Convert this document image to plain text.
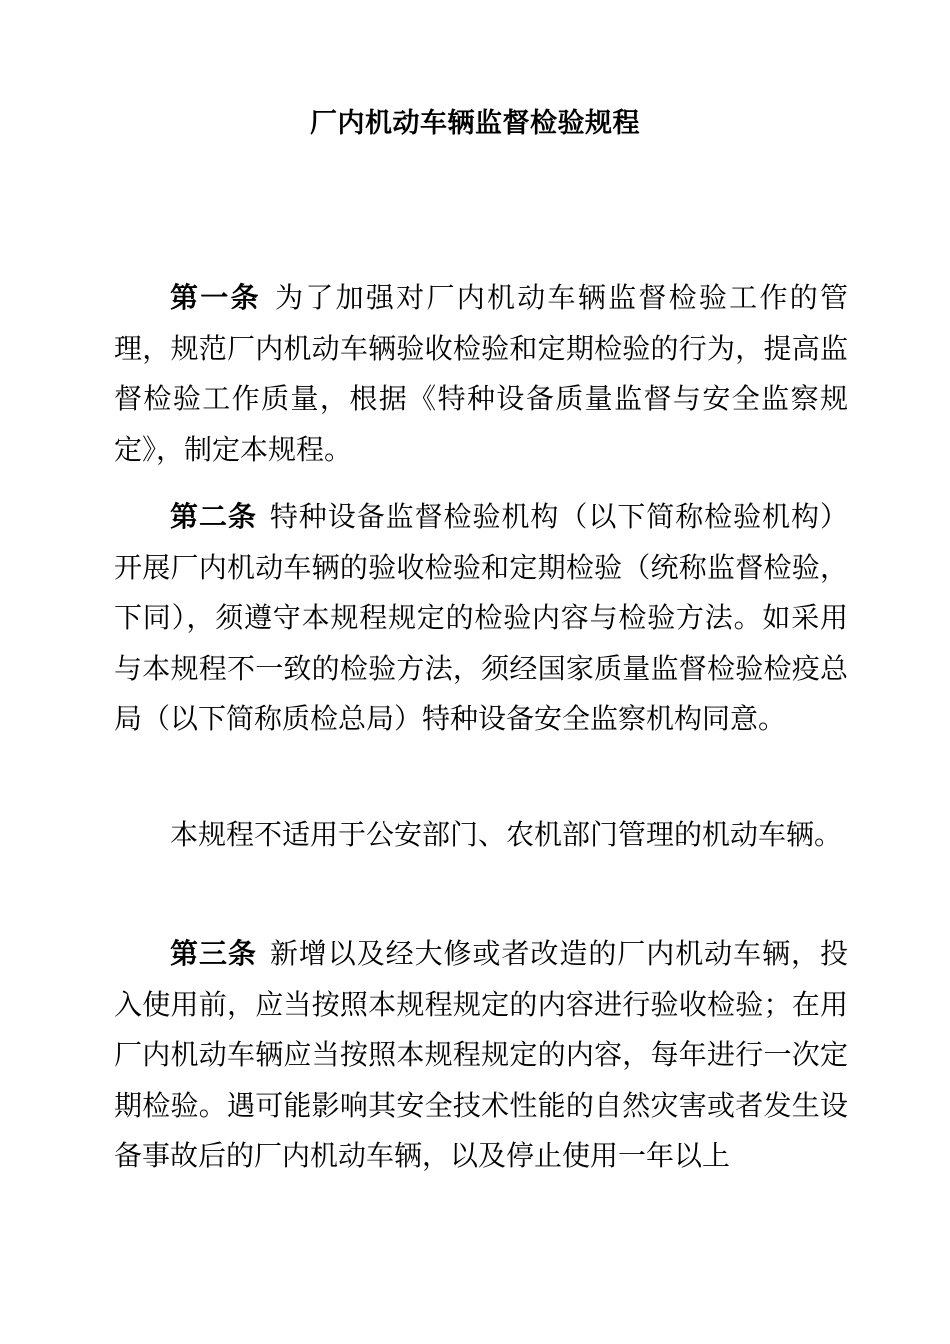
厂内机动车辆监督检验规程

第一条 为了加强对厂内机动车辆监督检验工作的管理，规范厂内机动车辆验收检验和定期检验的行为，提高监督检验工作质量，根据《特种设备质量监督与安全监察规定》，制定本规程。

第二条 特种设备监督检验机构（以下简称检验机构）开展厂内机动车辆的验收检验和定期检验（统称监督检验，下同），须遵守本规程规定的检验内容与检验方法。如采用与本规程不一致的检验方法，须经国家质量监督检验检疫总局（以下简称质检总局）特种设备安全监察机构同意。

本规程不适用于公安部门、农机部门管理的机动车辆。

第三条 新增以及经大修或者改造的厂内机动车辆，投入使用前，应当按照本规程规定的内容进行验收检验；在用厂内机动车辆应当按照本规程规定的内容，每年进行一次定期检验。遇可能影响其安全技术性能的自然灾害或者发生设备事故后的厂内机动车辆，以及停止使用一年以上
